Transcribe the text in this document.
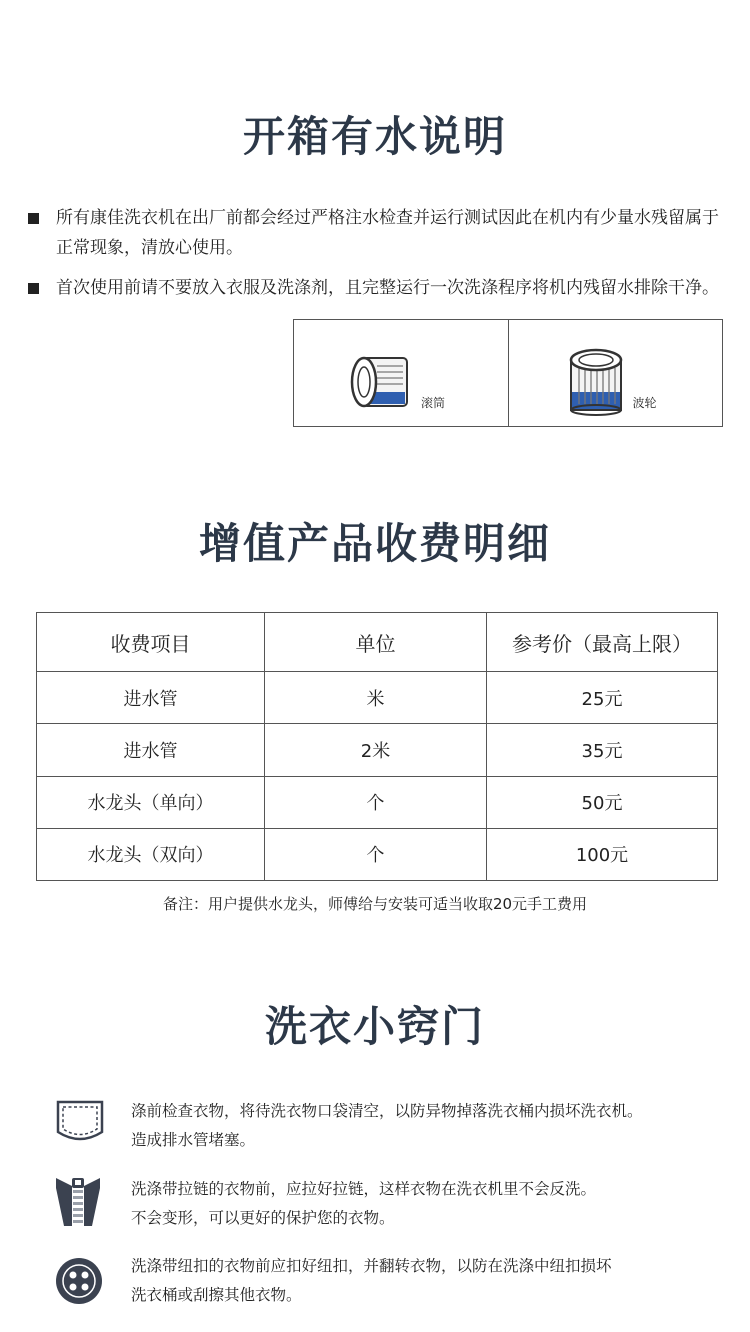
开箱有水说明
所有康佳洗衣机在出厂前都会经过严格注水检查并运行测试因此在机内有少量水残留属于正常现象，清放心使用。
首次使用前请不要放入衣服及洗涤剂，且完整运行一次洗涤程序将机内残留水排除干净。
滚筒	波轮
增值产品收费明细
收费项目	单位	参考价（最高上限）
进水管	米	25元
进水管	2米	35元
水龙头（单向）	个	50元
水龙头（双向）	个	100元
备注：用户提供水龙头，师傅给与安装可适当收取20元手工费用
洗衣小窍门
涤前检查衣物，将待洗衣物口袋清空，以防异物掉落洗衣桶内损坏洗衣机。
造成排水管堵塞。
洗涤带拉链的衣物前，应拉好拉链，这样衣物在洗衣机里不会反洗。
不会变形，可以更好的保护您的衣物。
洗涤带纽扣的衣物前应扣好纽扣，并翻转衣物，以防在洗涤中纽扣损坏
洗衣桶或刮擦其他衣物。
